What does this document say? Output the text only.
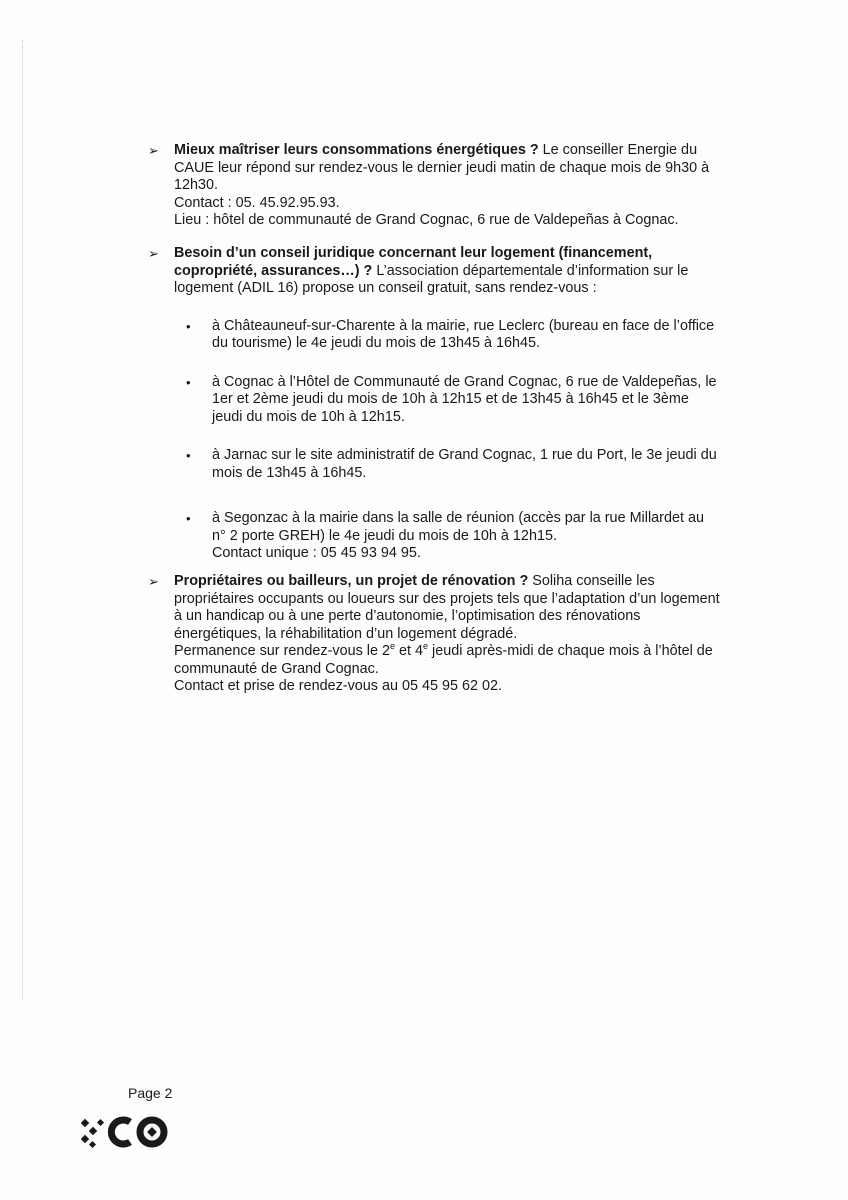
➢	Mieux maîtriser leurs consommations énergétiques ? Le conseiller Energie du
CAUE leur répond sur rendez-vous le dernier jeudi matin de chaque mois de 9h30 à
12h30.
Contact : 05. 45.92.95.93.
Lieu : hôtel de communauté de Grand Cognac, 6 rue de Valdepeñas à Cognac.
➢	Besoin d’un conseil juridique concernant leur logement (financement,
copropriété, assurances…) ? L’association départementale d’information sur le
logement (ADIL 16) propose un conseil gratuit, sans rendez-vous :
• à Châteauneuf-sur-Charente à la mairie, rue Leclerc (bureau en face de l’office
du tourisme) le 4e jeudi du mois de 13h45 à 16h45.
• à Cognac à l’Hôtel de Communauté de Grand Cognac, 6 rue de Valdepeñas, le
1er et 2ème jeudi du mois de 10h à 12h15 et de 13h45 à 16h45 et le 3ème
jeudi du mois de 10h à 12h15.
• à Jarnac sur le site administratif de Grand Cognac, 1 rue du Port, le 3e jeudi du
mois de 13h45 à 16h45.
• à Segonzac à la mairie dans la salle de réunion (accès par la rue Millardet au
n° 2 porte GREH) le 4e jeudi du mois de 10h à 12h15.
Contact unique : 05 45 93 94 95.
➢	Propriétaires ou bailleurs, un projet de rénovation ? Soliha conseille les
propriétaires occupants ou loueurs sur des projets tels que l’adaptation d’un logement
à un handicap ou à une perte d’autonomie, l’optimisation des rénovations
énergétiques, la réhabilitation d’un logement dégradé.
Permanence sur rendez-vous le 2e et 4e jeudi après-midi de chaque mois à l’hôtel de
communauté de Grand Cognac.
Contact et prise de rendez-vous au 05 45 95 62 02.
Page 2
